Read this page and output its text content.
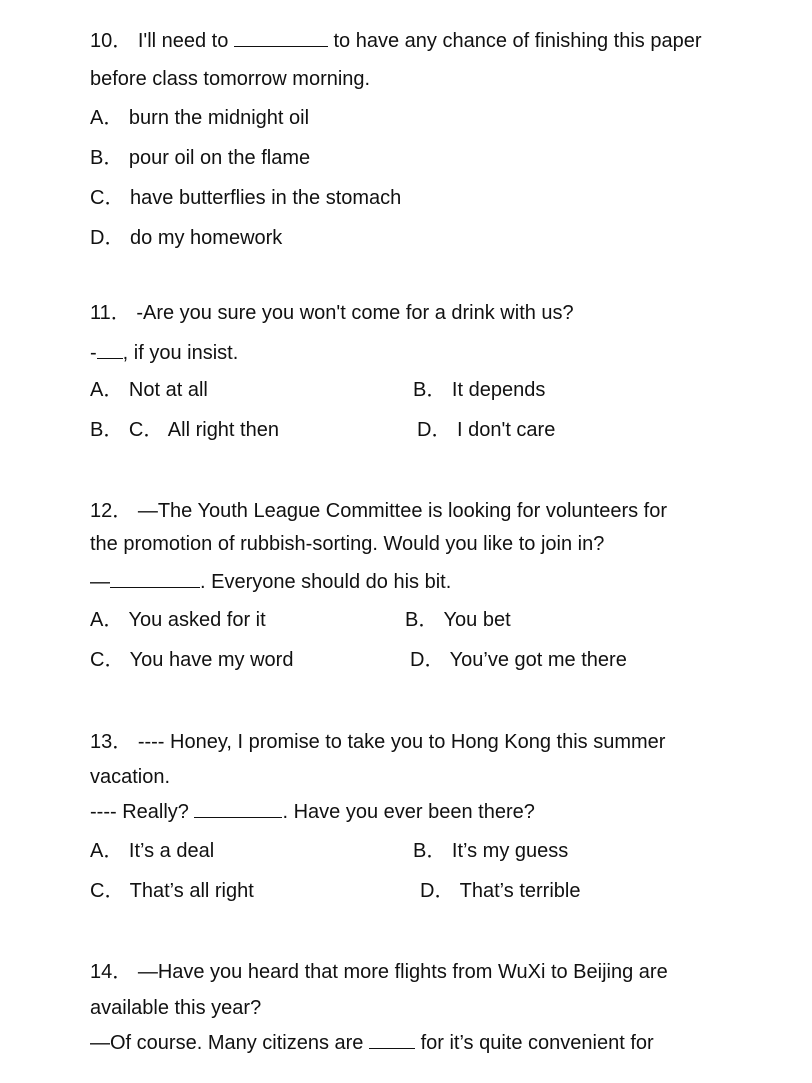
10． I'll need to	to have any chance of finishing this paper
before class tomorrow morning.
A． burn the midnight oil
B． pour oil on the flame
C． have butterflies in the stomach
D． do my homework
11． -Are you sure you won't come for a drink with us?
- , if you insist.
A． Not at all	B． It depends
B． C． All right then	D． I don't care
12． —The Youth League Committee is looking for volunteers for
the promotion of rubbish-sorting. Would you like to join in?
—	. Everyone should do his bit.
A． You asked for it	B． You bet
C． You have my word	D． You’ve got me there
13． ---- Honey, I promise to take you to Hong Kong this summer
vacation.
---- Really?	. Have you ever been there?
A． It’s a deal	B． It’s my guess
C． That’s all right	D． That’s terrible
14． —Have you heard that more flights from WuXi to Beijing are
available this year?
—Of course. Many citizens are	for it’s quite convenient for
